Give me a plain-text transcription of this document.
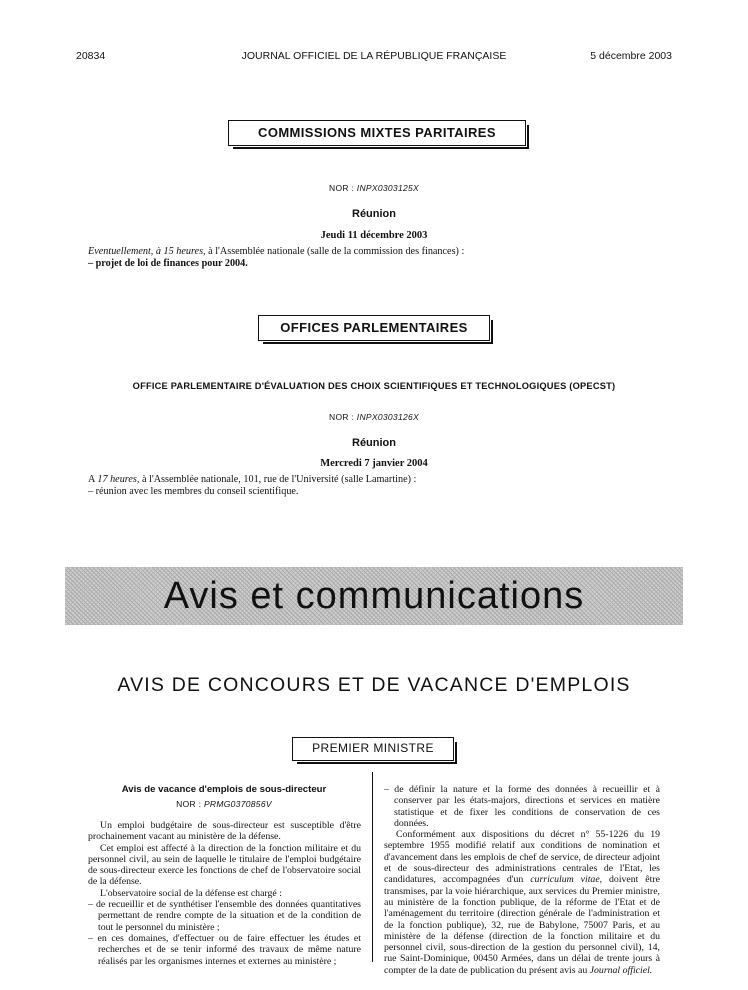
20834	JOURNAL OFFICIEL DE LA RÉPUBLIQUE FRANÇAISE	5 décembre 2003
COMMISSIONS MIXTES PARITAIRES
NOR : INPX0303125X
Réunion
Jeudi 11 décembre 2003
Eventuellement, à 15 heures, à l'Assemblée nationale (salle de la commission des finances) :
– projet de loi de finances pour 2004.
OFFICES PARLEMENTAIRES
OFFICE PARLEMENTAIRE D'ÉVALUATION DES CHOIX SCIENTIFIQUES ET TECHNOLOGIQUES (OPECST)
NOR : INPX0303126X
Réunion
Mercredi 7 janvier 2004
A 17 heures, à l'Assemblée nationale, 101, rue de l'Université (salle Lamartine) :
– réunion avec les membres du conseil scientifique.
Avis et communications
AVIS DE CONCOURS ET DE VACANCE D'EMPLOIS
PREMIER MINISTRE
Avis de vacance d'emplois de sous-directeur
NOR : PRMG0370856V

Un emploi budgétaire de sous-directeur est susceptible d'être prochainement vacant au ministère de la défense.

Cet emploi est affecté à la direction de la fonction militaire et du personnel civil, au sein de laquelle le titulaire de l'emploi budgétaire de sous-directeur exerce les fonctions de chef de l'observatoire social de la défense.

L'observatoire social de la défense est chargé :

– de recueillir et de synthétiser l'ensemble des données quantitatives permettant de rendre compte de la situation et de la condition de tout le personnel du ministère ;

– en ces domaines, d'effectuer ou de faire effectuer les études et recherches et de se tenir informé des travaux de même nature réalisés par les organismes internes et externes au ministère ;

– de définir la nature et la forme des données à recueillir et à conserver par les états-majors, directions et services en matière statistique et de fixer les conditions de conservation de ces données.

Conformément aux dispositions du décret n° 55-1226 du 19 septembre 1955 modifié relatif aux conditions de nomination et d'avancement dans les emplois de chef de service, de directeur adjoint et de sous-directeur des administrations centrales de l'Etat, les candidatures, accompagnées d'un curriculum vitae, doivent être transmises, par la voie hiérarchique, aux services du Premier ministre, au ministère de la fonction publique, de la réforme de l'Etat et de l'aménagement du territoire (direction générale de l'administration et de la fonction publique), 32, rue de Babylone, 75007 Paris, et au ministère de la défense (direction de la fonction militaire et du personnel civil, sous-direction de la gestion du personnel civil), 14, rue Saint-Dominique, 00450 Armées, dans un délai de trente jours à compter de la date de publication du présent avis au Journal officiel.
